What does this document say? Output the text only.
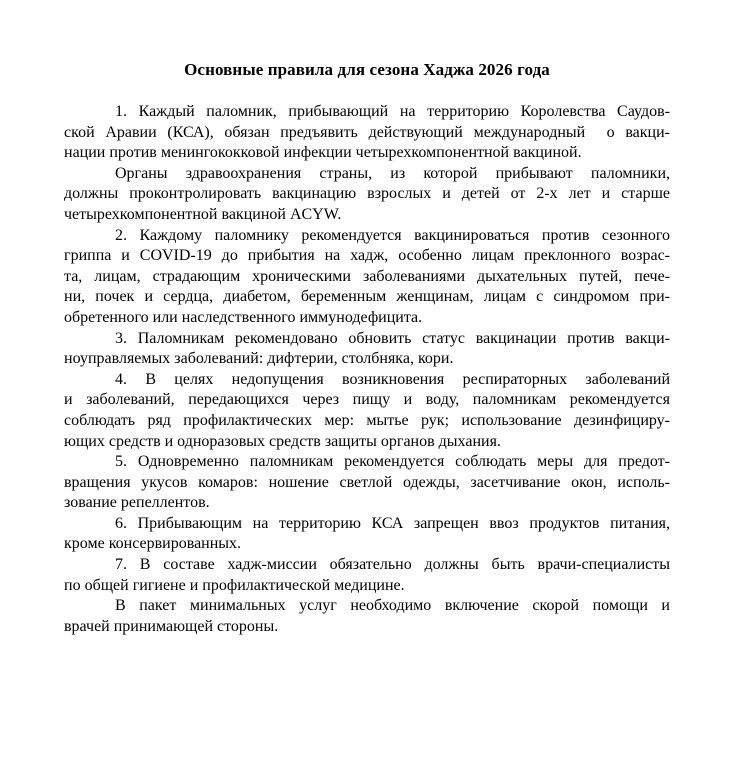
Основные правила для сезона Хаджа 2026 года
1. Каждый паломник, прибывающий на территорию Королевства Саудов-
ской Аравии (КСА), обязан предъявить действующий международный  о вакци-
нации против менингококковой инфекции четырехкомпонентной вакциной.
Органы здравоохранения страны, из которой прибывают паломники,
должны проконтролировать вакцинацию взрослых и детей от 2-х лет и старше
четырехкомпонентной вакциной ACYW.
2. Каждому паломнику рекомендуется вакцинироваться против сезонного
гриппа и COVID-19 до прибытия на хадж, особенно лицам преклонного возрас-
та, лицам, страдающим хроническими заболеваниями дыхательных путей, пече-
ни, почек и сердца, диабетом, беременным женщинам, лицам с синдромом при-
обретенного или наследственного иммунодефицита.
3. Паломникам рекомендовано обновить статус вакцинации против вакци-
ноуправляемых заболеваний: дифтерии, столбняка, кори.
4. В целях недопущения возникновения респираторных заболеваний
и заболеваний, передающихся через пищу и воду, паломникам рекомендуется
соблюдать ряд профилактических мер: мытье рук; использование дезинфициру-
ющих средств и одноразовых средств защиты органов дыхания.
5. Одновременно паломникам рекомендуется соблюдать меры для предот-
вращения укусов комаров: ношение светлой одежды, засетчивание окон, исполь-
зование репеллентов.
6. Прибывающим на территорию КСА запрещен ввоз продуктов питания,
кроме консервированных.
7. В составе хадж-миссии обязательно должны быть врачи-специалисты
по общей гигиене и профилактической медицине.
В пакет минимальных услуг необходимо включение скорой помощи и
врачей принимающей стороны.
